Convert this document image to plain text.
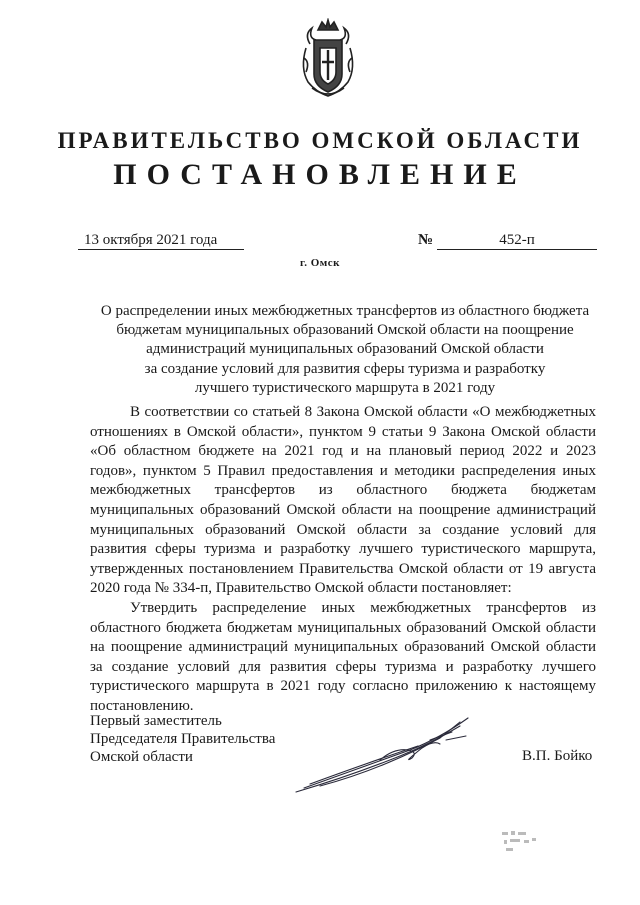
ПРАВИТЕЛЬСТВО ОМСКОЙ ОБЛАСТИ
ПОСТАНОВЛЕНИЕ
13 октября 2021 года	№	452-п
г. Омск
О распределении иных межбюджетных трансфертов из областного бюджета
бюджетам муниципальных образований Омской области на поощрение
администраций муниципальных образований Омской области
за создание условий для развития сферы туризма и разработку
лучшего туристического маршрута в 2021 году

В соответствии со статьей 8 Закона Омской области «О межбюджетных отношениях в Омской области», пунктом 9 статьи 9 Закона Омской области «Об областном бюджете на 2021 год и на плановый период 2022 и 2023 годов», пунктом 5 Правил предоставления и методики распределения иных межбюджетных трансфертов из областного бюджета бюджетам муниципальных образований Омской области на поощрение администраций муниципальных образований Омской области за создание условий для развития сферы туризма и разработку лучшего туристического маршрута, утвержденных постановлением Правительства Омской области от 19 августа 2020 года № 334-п, Правительство Омской области постановляет:

Утвердить распределение иных межбюджетных трансфертов из областного бюджета бюджетам муниципальных образований Омской области на поощрение администраций муниципальных образований Омской области за создание условий для развития сферы туризма и разработку лучшего туристического маршрута в 2021 году согласно приложению к настоящему постановлению.

Первый заместитель
Председателя Правительства
Омской области	В.П. Бойко
